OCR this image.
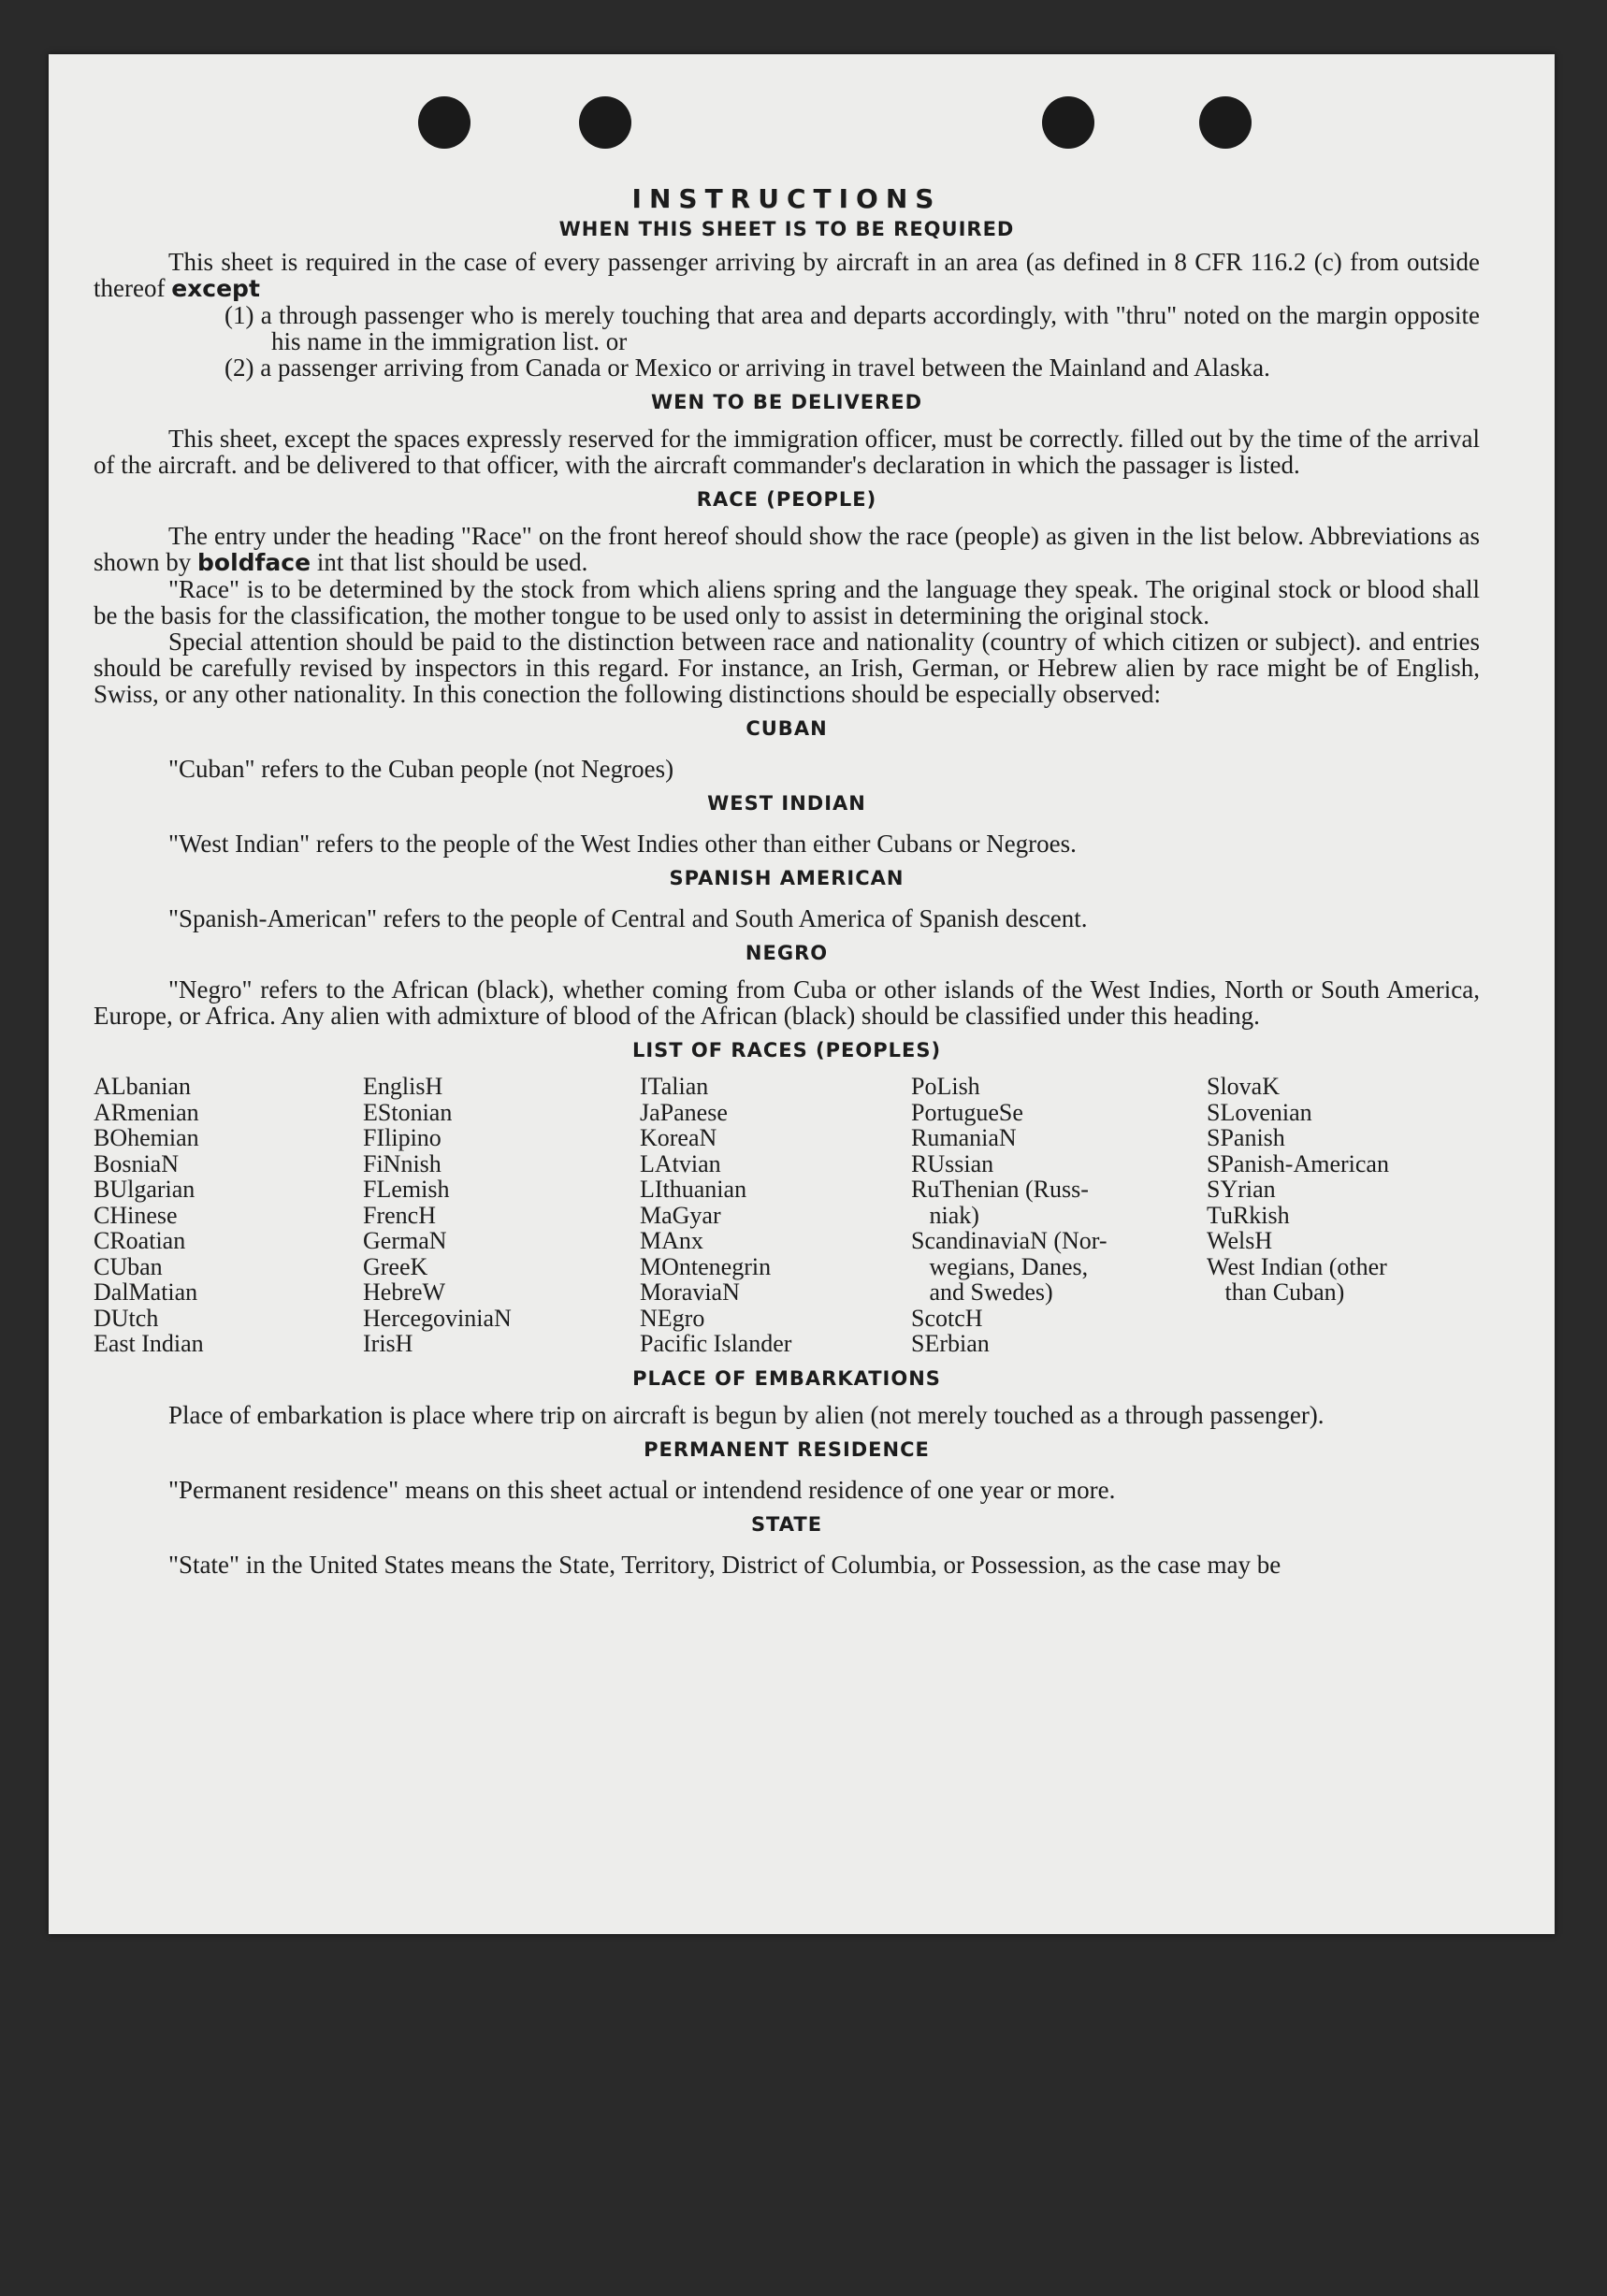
INSTRUCTIONS
WHEN THIS SHEET IS TO BE REQUIRED

This sheet is required in the case of every passenger arriving by aircraft in an area (as defined in 8 CFR 116.2 (c) from outside thereof except

(1) a through passenger who is merely touching that area and departs accordingly, with "thru" noted on the margin opposite his name in the immigration list. or

(2) a passenger arriving from Canada or Mexico or arriving in travel between the Mainland and Alaska.

WEN TO BE DELIVERED

This sheet, except the spaces expressly reserved for the immigration officer, must be correctly. filled out by the time of the arrival of the aircraft. and be delivered to that officer, with the aircraft commander's declaration in which the passager is listed.

RACE (PEOPLE)

The entry under the heading "Race" on the front hereof should show the race (people) as given in the list below. Abbreviations as shown by boldface int that list should be used.

"Race" is to be determined by the stock from which aliens spring and the language they speak. The original stock or blood shall be the basis for the classification, the mother tongue to be used only to assist in determining the original stock.

Special attention should be paid to the distinction between race and nationality (country of which citizen or subject). and entries should be carefully revised by inspectors in this regard. For instance, an Irish, German, or Hebrew alien by race might be of English, Swiss, or any other nationality. In this conection the following distinctions should be especially observed:

CUBAN

"Cuban" refers to the Cuban people (not Negroes)

WEST INDIAN

"West Indian" refers to the people of the West Indies other than either Cubans or Negroes.

SPANISH AMERICAN

"Spanish-American" refers to the people of Central and South America of Spanish descent.

NEGRO

"Negro" refers to the African (black), whether coming from Cuba or other islands of the West Indies, North or South America, Europe, or Africa. Any alien with admixture of blood of the African (black) should be classified under this heading.

LIST OF RACES (PEOPLES)
ALbanian
ARmenian
BOhemian
BosniaN
BUlgarian
CHinese
CRoatian
CUban
DalMatian
DUtch
East Indian
EnglisH
EStonian
FIlipino
FiNnish
FLemish
FrencH
GermaN
GreeK
HebreW
HercegoviniaN
IrisH
ITalian
JaPanese
KoreaN
LAtvian
LIthuanian
MaGyar
MAnx
MOntenegrin
MoraviaN
NEgro
Pacific Islander
PoLish
PortugueSe
RumaniaN
RUssian
RuThenian (Russ-
niak)
ScandinaviaN (Nor-
wegians, Danes,
and Swedes)
ScotcH
SErbian
SlovaK
SLovenian
SPanish
SPanish-American
SYrian
TuRkish
WelsH
West Indian (other
than Cuban)
PLACE OF EMBARKATIONS

Place of embarkation is place where trip on aircraft is begun by alien (not merely touched as a through passenger).

PERMANENT RESIDENCE

"Permanent residence" means on this sheet actual or intendend residence of one year or more.

STATE

"State" in the United States means the State, Territory, District of Columbia, or Possession, as the case may be
